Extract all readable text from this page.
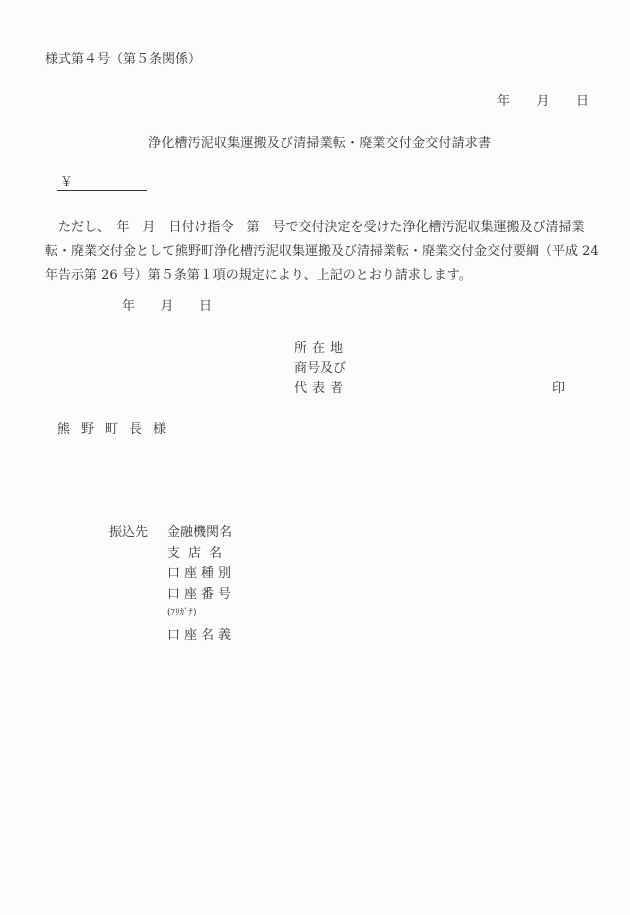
様式第４号（第５条関係）
年 月 日
浄化槽汚泥収集運搬及び清掃業転・廃業交付金交付請求書
￥
　ただし、　年　月　日付け指令　第　号で交付決定を受けた浄化槽汚泥収集運搬及び清掃業
転・廃業交付金として熊野町浄化槽汚泥収集運搬及び清掃業転・廃業交付金交付要綱（平成 24
年告示第 26 号）第５条第１項の規定により、上記のとおり請求します。
年 月 日
所在地
商号及び
代表者	印
熊野町長様
振込先 金融機関名
支店名
口座種別
口座番号
(ﾌﾘｶﾞﾅ)
口座名義
